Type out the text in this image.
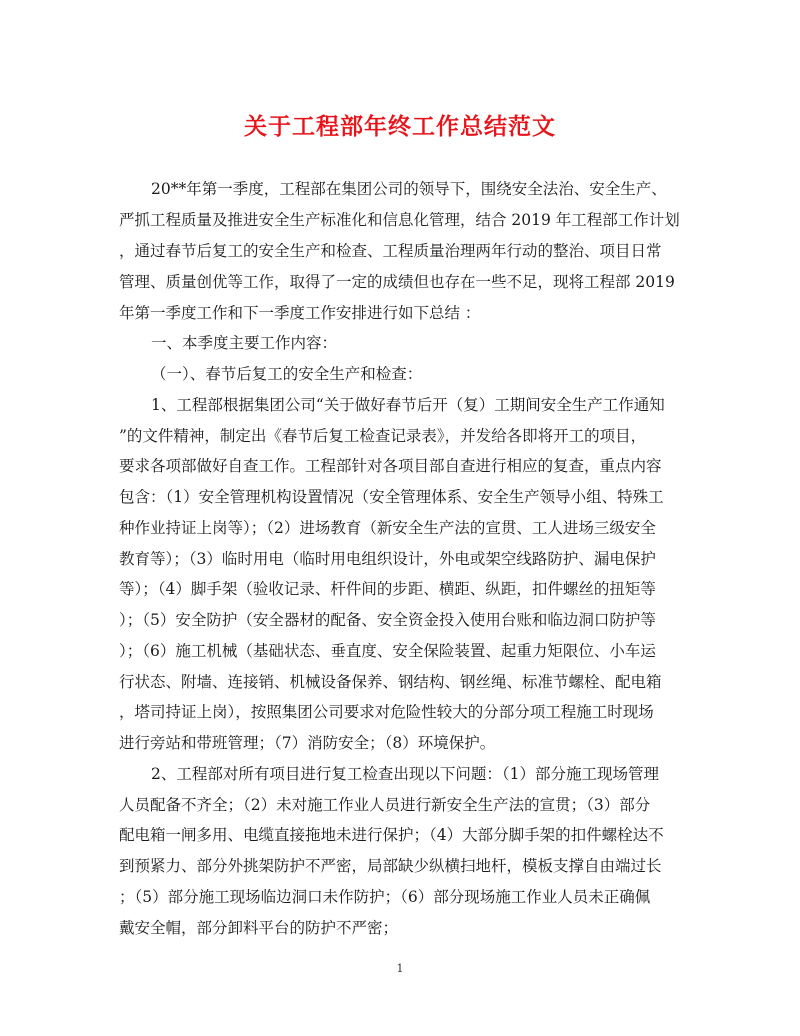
关于工程部年终工作总结范文
20**年第一季度，工程部在集团公司的领导下，围绕安全法治、安全生产、
严抓工程质量及推进安全生产标准化和信息化管理，结合 2019 年工程部工作计划
，通过春节后复工的安全生产和检查、工程质量治理两年行动的整治、项目日常
管理、质量创优等工作，取得了一定的成绩但也存在一些不足，现将工程部 2019
年第一季度工作和下一季度工作安排进行如下总结 ：
一、本季度主要工作内容：
（一）、春节后复工的安全生产和检查：
1、工程部根据集团公司“关于做好春节后开（复）工期间安全生产工作通知
”的文件精神，制定出《春节后复工检查记录表》，并发给各即将开工的项目，
要求各项部做好自查工作。工程部针对各项目部自查进行相应的复查，重点内容
包含：（1）安全管理机构设置情况（安全管理体系、安全生产领导小组、特殊工
种作业持证上岗等）；（2）进场教育（新安全生产法的宣贯、工人进场三级安全
教育等）；（3）临时用电（临时用电组织设计，外电或架空线路防护、漏电保护
等）；（4）脚手架（验收记录、杆件间的步距、横距、纵距，扣件螺丝的扭矩等
）；（5）安全防护（安全器材的配备、安全资金投入使用台账和临边洞口防护等
）；（6）施工机械（基础状态、垂直度、安全保险装置、起重力矩限位、小车运
行状态、附墙、连接销、机械设备保养、钢结构、钢丝绳、标准节螺栓、配电箱
，塔司持证上岗），按照集团公司要求对危险性较大的分部分项工程施工时现场
进行旁站和带班管理；（7）消防安全；（8）环境保护。
2、工程部对所有项目进行复工检查出现以下问题：（1）部分施工现场管理
人员配备不齐全；（2）未对施工作业人员进行新安全生产法的宣贯；（3）部分
配电箱一闸多用、电缆直接拖地未进行保护；（4）大部分脚手架的扣件螺栓达不
到预紧力、部分外挑架防护不严密，局部缺少纵横扫地杆，模板支撑自由端过长
；（5）部分施工现场临边洞口未作防护；（6）部分现场施工作业人员未正确佩
戴安全帽，部分卸料平台的防护不严密；
1
